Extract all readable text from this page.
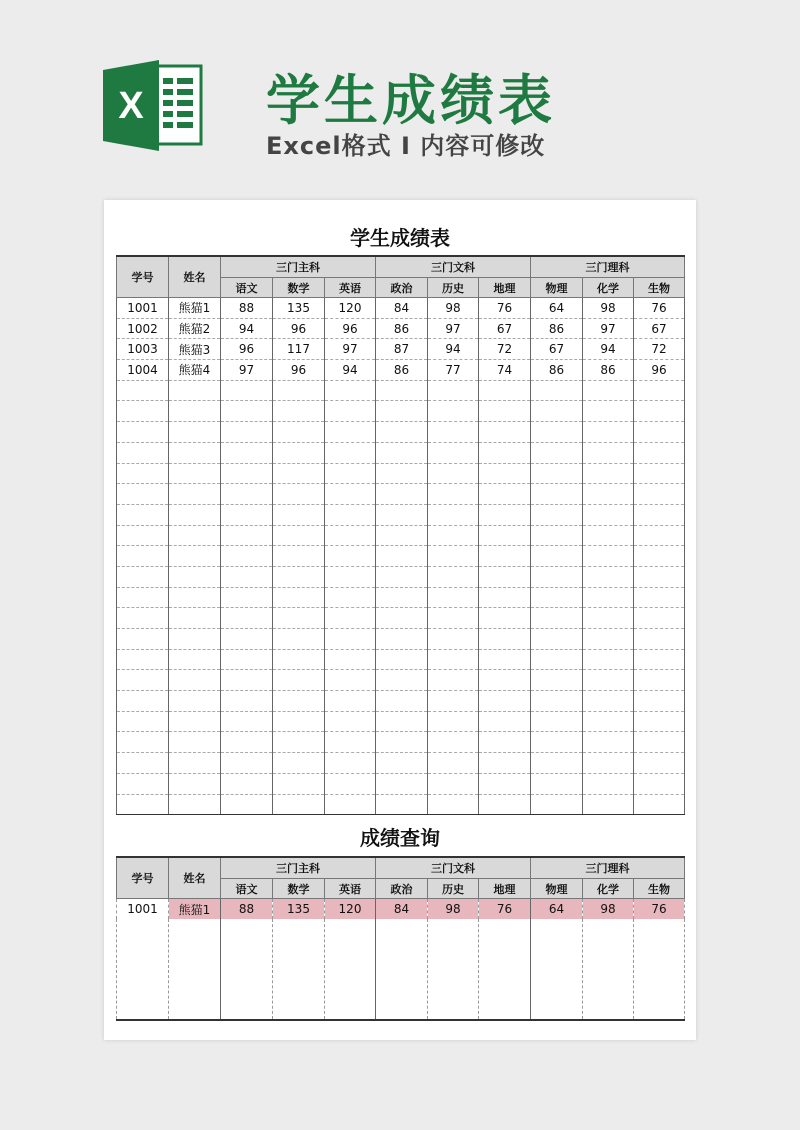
X 学生成绩表
Excel格式 I 内容可修改
学生成绩表
学号	姓名	三门主科			三门文科			三门理科		
		语文	数学	英语	政治	历史	地理	物理	化学	生物
1001	熊猫1	88	135	120	84	98	76	64	98	76
1002	熊猫2	94	96	96	86	97	67	86	97	67
1003	熊猫3	96	117	97	87	94	72	67	94	72
1004	熊猫4	97	96	94	86	77	74	86	86	96

成绩查询
学号	姓名	三门主科			三门文科			三门理科		
		语文	数学	英语	政治	历史	地理	物理	化学	生物
1001	熊猫1	88	135	120	84	98	76	64	98	76
